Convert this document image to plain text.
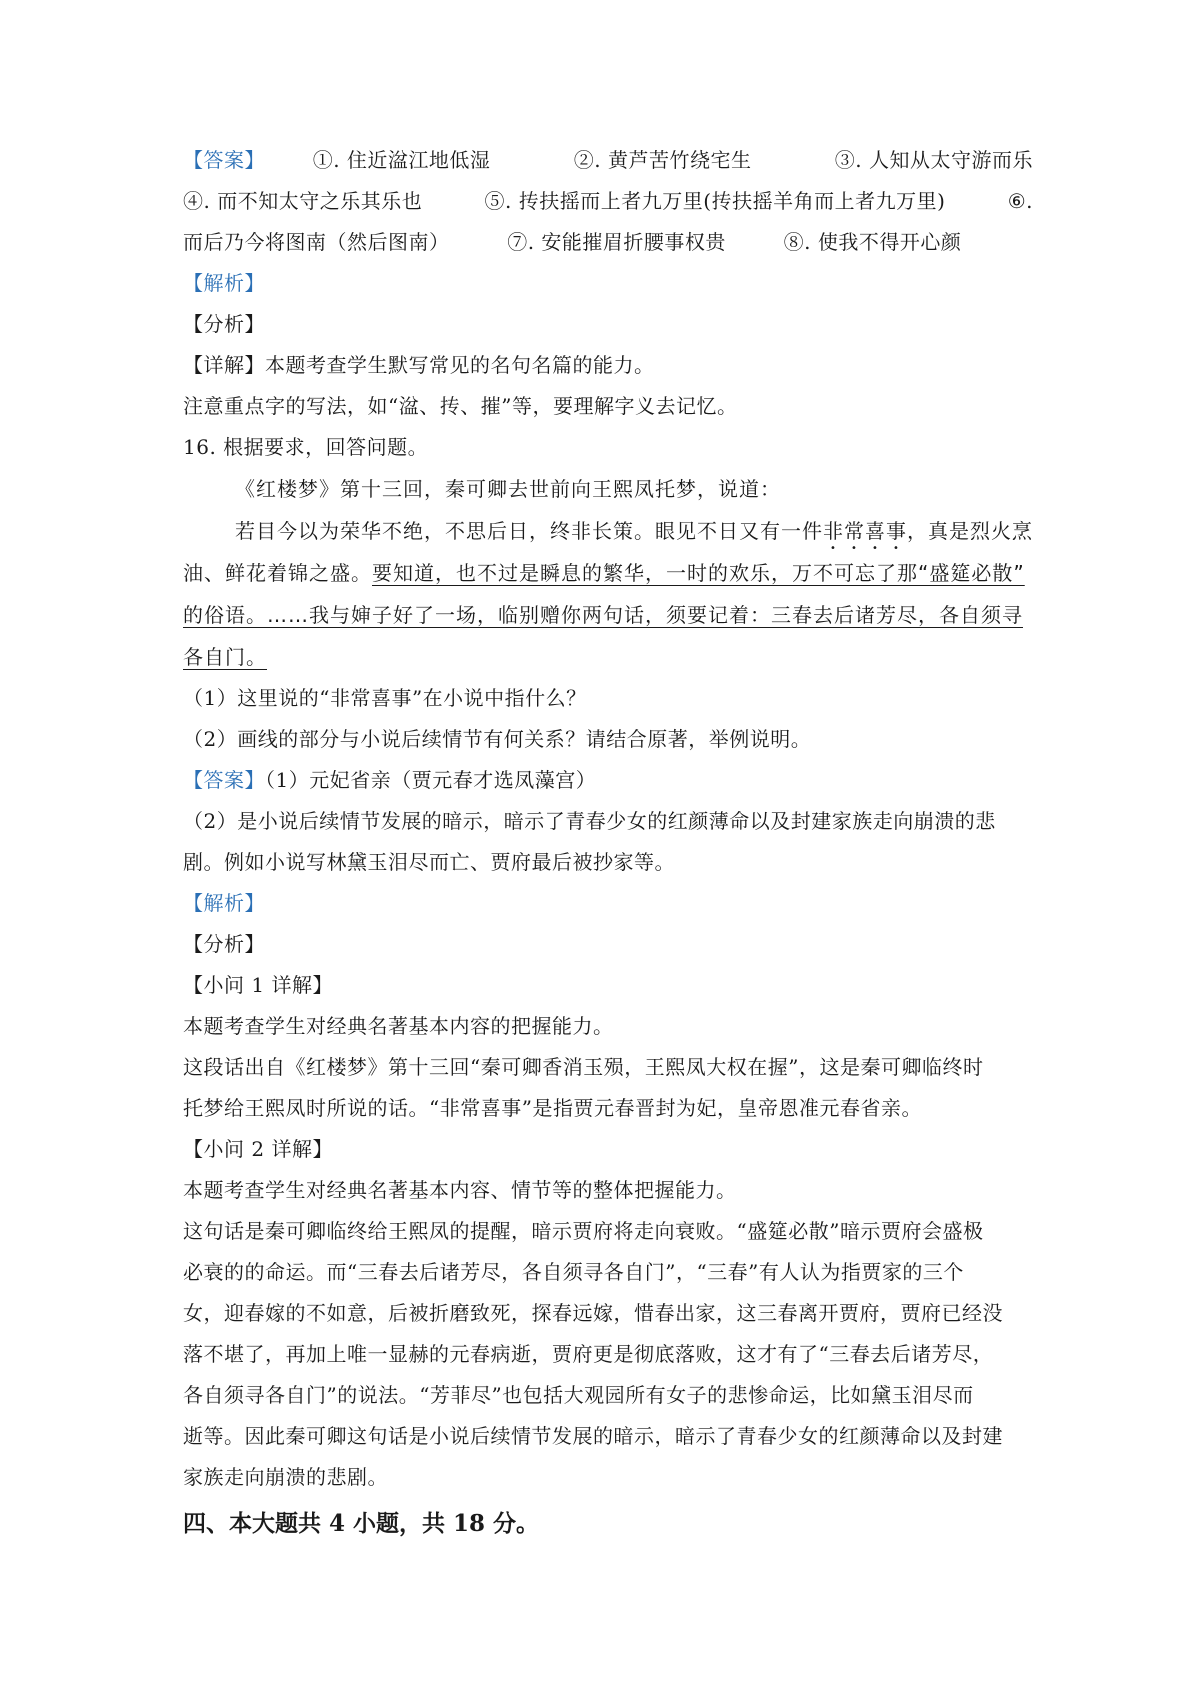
【答案】 ①. 住近湓江地低湿	②. 黄芦苦竹绕宅生	③. 人知从太守游而乐
④. 而不知太守之乐其乐也	⑤. 抟扶摇而上者九万里(抟扶摇羊角而上者九万里)	⑥.
而后乃今将图南（然后图南）	⑦. 安能摧眉折腰事权贵	⑧. 使我不得开心颜
【解析】
【分析】
【详解】本题考查学生默写常见的名句名篇的能力。
注意重点字的写法，如“湓、抟、摧”等，要理解字义去记忆。
16. 根据要求，回答问题。
《红楼梦》第十三回，秦可卿去世前向王熙凤托梦，说道：
若目今以为荣华不绝，不思后日，终非长策。眼见不日又有一件非常喜事，真是烈火烹
油、鲜花着锦之盛。要知道，也不过是瞬息的繁华，一时的欢乐，万不可忘了那“盛筵必散”
的俗语。……我与婶子好了一场，临别赠你两句话，须要记着：三春去后诸芳尽，各自须寻
各自门。
（1）这里说的“非常喜事”在小说中指什么？
（2）画线的部分与小说后续情节有何关系？请结合原著，举例说明。
【答案】（1）元妃省亲（贾元春才选凤藻宫）
（2）是小说后续情节发展的暗示，暗示了青春少女的红颜薄命以及封建家族走向崩溃的悲
剧。例如小说写林黛玉泪尽而亡、贾府最后被抄家等。
【解析】
【分析】
【小问 1 详解】
本题考查学生对经典名著基本内容的把握能力。
这段话出自《红楼梦》第十三回“秦可卿香消玉殒，王熙凤大权在握”，这是秦可卿临终时
托梦给王熙凤时所说的话。“非常喜事”是指贾元春晋封为妃，皇帝恩准元春省亲。
【小问 2 详解】
本题考查学生对经典名著基本内容、情节等的整体把握能力。
这句话是秦可卿临终给王熙凤的提醒，暗示贾府将走向衰败。“盛筵必散”暗示贾府会盛极
必衰的的命运。而“三春去后诸芳尽，各自须寻各自门”，“三春”有人认为指贾家的三个
女，迎春嫁的不如意，后被折磨致死，探春远嫁，惜春出家，这三春离开贾府，贾府已经没
落不堪了，再加上唯一显赫的元春病逝，贾府更是彻底落败，这才有了“三春去后诸芳尽，
各自须寻各自门”的说法。“芳菲尽”也包括大观园所有女子的悲惨命运，比如黛玉泪尽而
逝等。因此秦可卿这句话是小说后续情节发展的暗示，暗示了青春少女的红颜薄命以及封建
家族走向崩溃的悲剧。
四、本大题共 4 小题，共 18 分。
